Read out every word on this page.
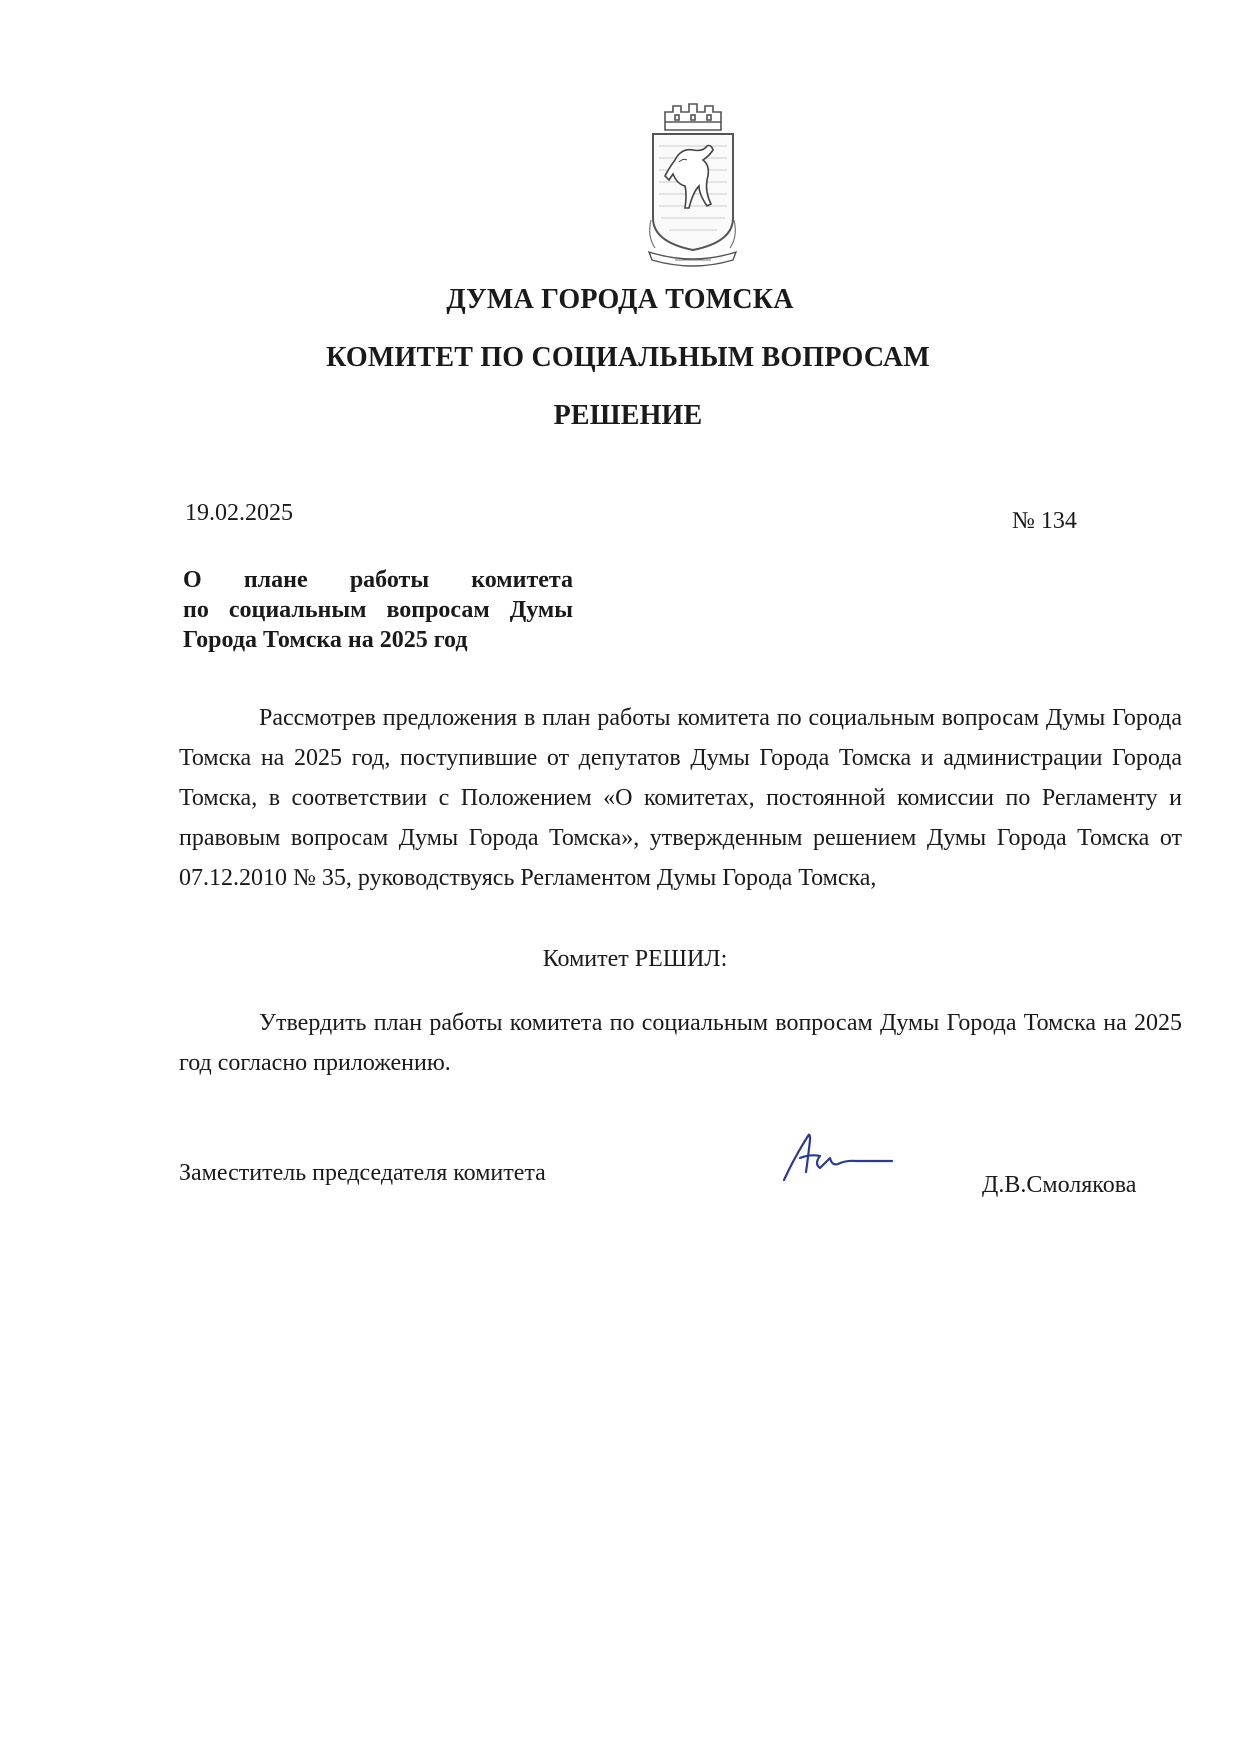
ДУМА ГОРОДА ТОМСКА
КОМИТЕТ ПО СОЦИАЛЬНЫМ ВОПРОСАМ
РЕШЕНИЕ
19.02.2025	№ 134
О плане работы комитета
по социальным вопросам Думы
Города Томска на 2025 год

Рассмотрев предложения в план работы комитета по социальным вопросам Думы Города Томска на 2025 год, поступившие от депутатов Думы Города Томска и администрации Города Томска, в соответствии с Положением «О комитетах, постоянной комиссии по Регламенту и правовым вопросам Думы Города Томска», утвержденным решением Думы Города Томска от 07.12.2010 № 35, руководствуясь Регламентом Думы Города Томска,

Комитет РЕШИЛ:

Утвердить план работы комитета по социальным вопросам Думы Города Томска на 2025 год согласно приложению.

Заместитель председателя комитета	Д.В.Смолякова
